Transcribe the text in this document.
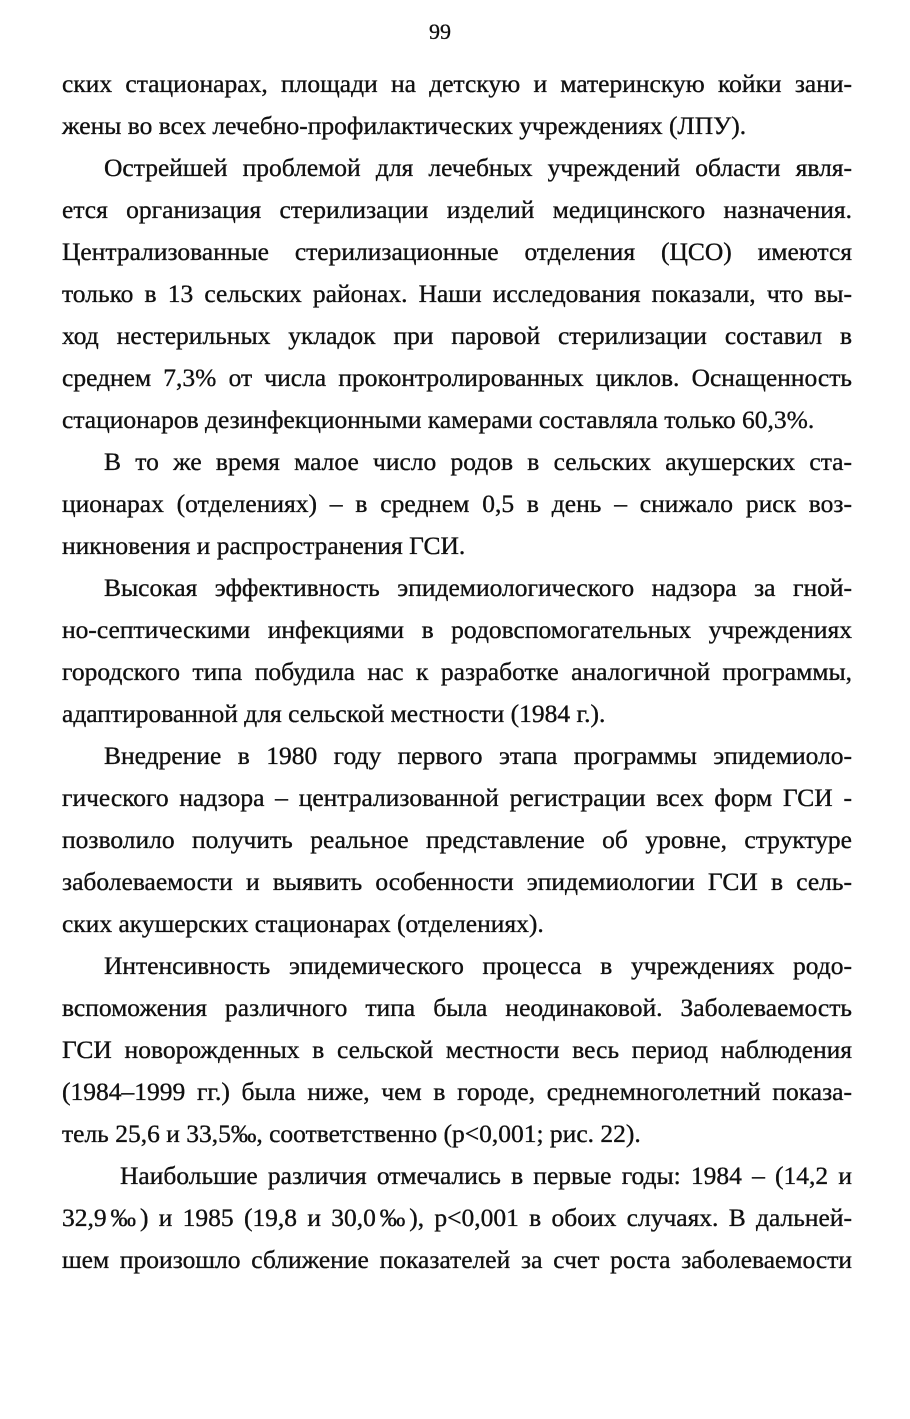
99
ских стационарах, площади на детскую и материнскую койки зани-
жены во всех лечебно-профилактических учреждениях (ЛПУ).
Острейшей проблемой для лечебных учреждений области явля-
ется организация стерилизации изделий медицинского назначения.
Централизованные стерилизационные отделения (ЦСО) имеются
только в 13 сельских районах. Наши исследования показали, что вы-
ход нестерильных укладок при паровой стерилизации составил в
среднем 7,3% от числа проконтролированных циклов. Оснащенность
стационаров дезинфекционными камерами составляла только 60,3%.
В то же время малое число родов в сельских акушерских ста-
ционарах (отделениях) – в среднем 0,5 в день – снижало риск воз-
никновения и распространения ГСИ.
Высокая эффективность эпидемиологического надзора за гной-
но-септическими инфекциями в родовспомогательных учреждениях
городского типа побудила нас к разработке аналогичной программы,
адаптированной для сельской местности (1984 г.).
Внедрение в 1980 году первого этапа программы эпидемиоло-
гического надзора – централизованной регистрации всех форм ГСИ -
позволило получить реальное представление об уровне, структуре
заболеваемости и выявить особенности эпидемиологии ГСИ в сель-
ских акушерских стационарах (отделениях).
Интенсивность эпидемического процесса в учреждениях родо-
вспоможения различного типа была неодинаковой. Заболеваемость
ГСИ новорожденных в сельской местности весь период наблюдения
(1984–1999 гг.) была ниже, чем в городе, среднемноголетний показа-
тель 25,6 и 33,5‰, соответственно (p<0,001; рис. 22).
Наибольшие различия отмечались в первые годы: 1984 – (14,2 и
32,9‰) и 1985 (19,8 и 30,0‰), p<0,001 в обоих случаях. В дальней-
шем произошло сближение показателей за счет роста заболеваемости
